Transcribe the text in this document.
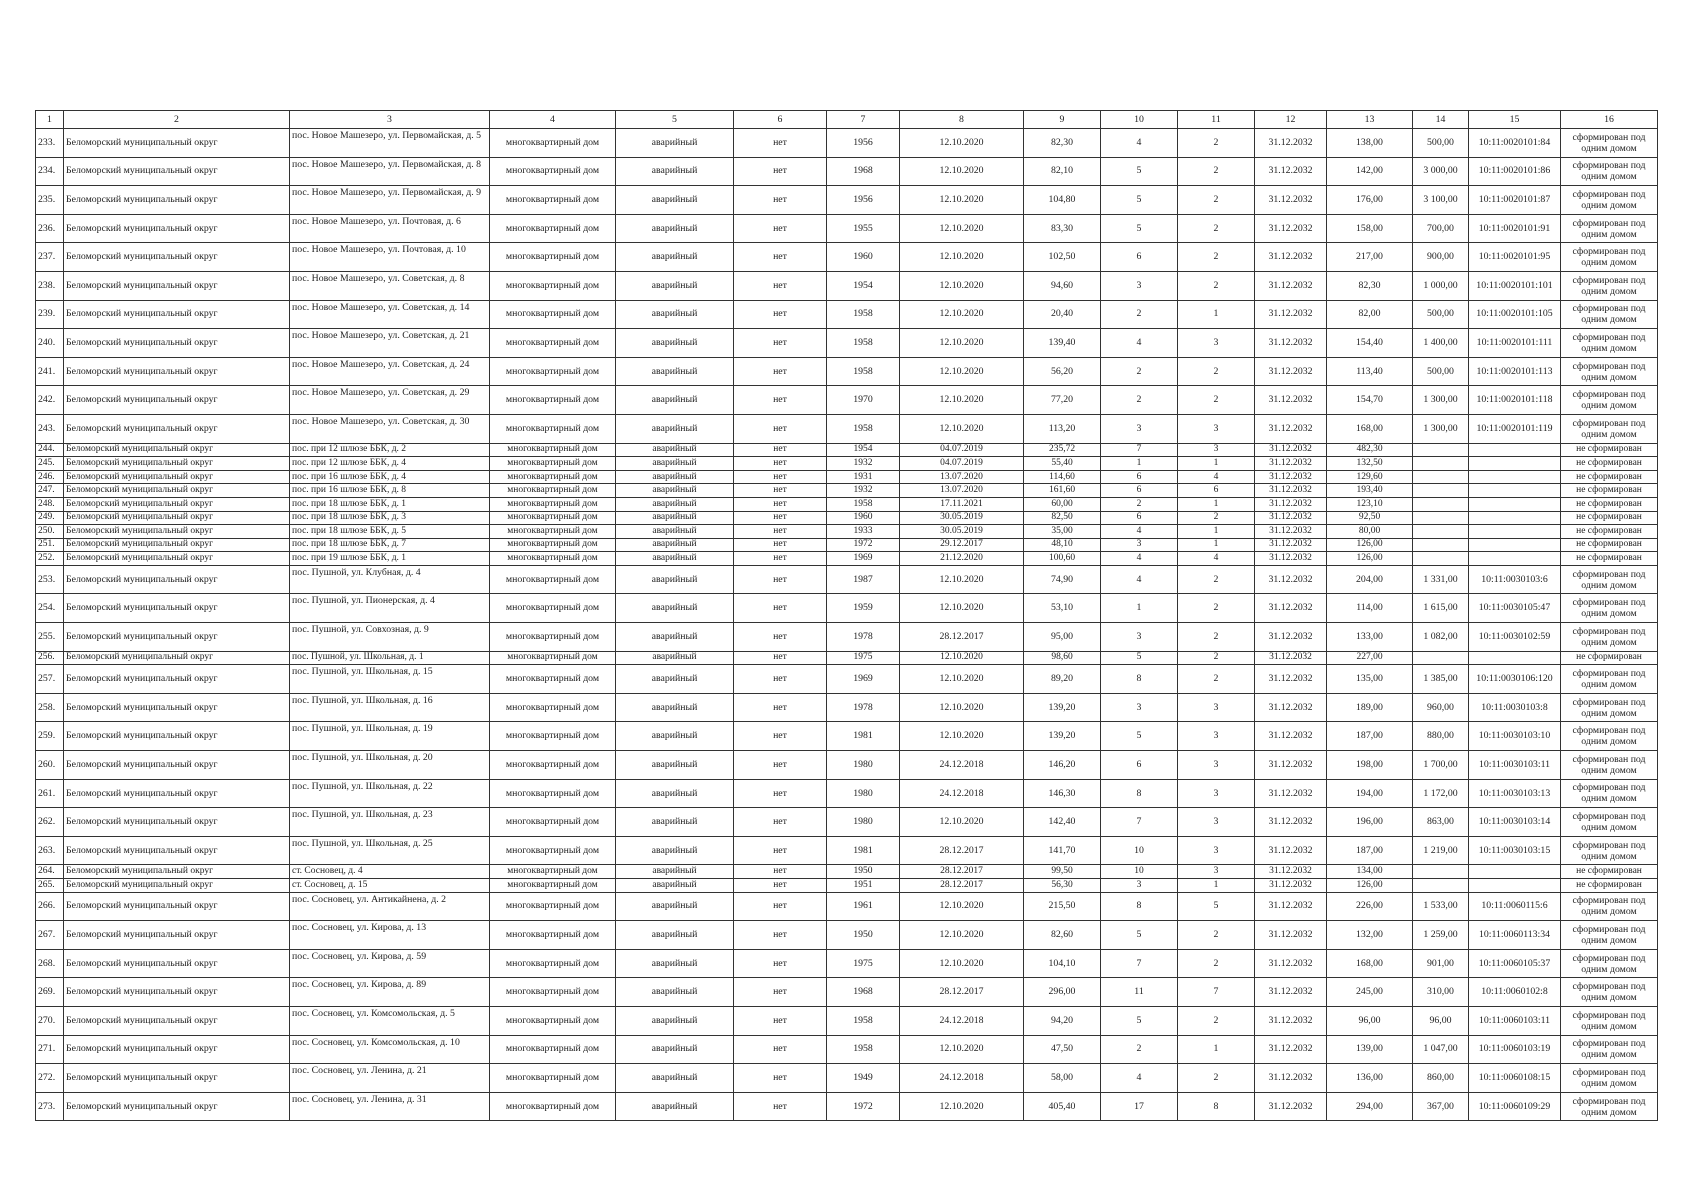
1	2	3	4	5	6	7	8	9	10	11	12	13	14	15	16
233.	Беломорский муниципальный округ	пос. Новое Машезеро, ул. Первомайская, д. 5	многоквартирный дом	аварийный	нет	1956	12.10.2020	82,30	4	2	31.12.2032	138,00	500,00	10:11:0020101:84	сформирован под одним домом
234.	Беломорский муниципальный округ	пос. Новое Машезеро, ул. Первомайская, д. 8	многоквартирный дом	аварийный	нет	1968	12.10.2020	82,10	5	2	31.12.2032	142,00	3 000,00	10:11:0020101:86	сформирован под одним домом
235.	Беломорский муниципальный округ	пос. Новое Машезеро, ул. Первомайская, д. 9	многоквартирный дом	аварийный	нет	1956	12.10.2020	104,80	5	2	31.12.2032	176,00	3 100,00	10:11:0020101:87	сформирован под одним домом
236.	Беломорский муниципальный округ	пос. Новое Машезеро, ул. Почтовая, д. 6	многоквартирный дом	аварийный	нет	1955	12.10.2020	83,30	5	2	31.12.2032	158,00	700,00	10:11:0020101:91	сформирован под одним домом
237.	Беломорский муниципальный округ	пос. Новое Машезеро, ул. Почтовая, д. 10	многоквартирный дом	аварийный	нет	1960	12.10.2020	102,50	6	2	31.12.2032	217,00	900,00	10:11:0020101:95	сформирован под одним домом
238.	Беломорский муниципальный округ	пос. Новое Машезеро, ул. Советская, д. 8	многоквартирный дом	аварийный	нет	1954	12.10.2020	94,60	3	2	31.12.2032	82,30	1 000,00	10:11:0020101:101	сформирован под одним домом
239.	Беломорский муниципальный округ	пос. Новое Машезеро, ул. Советская, д. 14	многоквартирный дом	аварийный	нет	1958	12.10.2020	20,40	2	1	31.12.2032	82,00	500,00	10:11:0020101:105	сформирован под одним домом
240.	Беломорский муниципальный округ	пос. Новое Машезеро, ул. Советская, д. 21	многоквартирный дом	аварийный	нет	1958	12.10.2020	139,40	4	3	31.12.2032	154,40	1 400,00	10:11:0020101:111	сформирован под одним домом
241.	Беломорский муниципальный округ	пос. Новое Машезеро, ул. Советская, д. 24	многоквартирный дом	аварийный	нет	1958	12.10.2020	56,20	2	2	31.12.2032	113,40	500,00	10:11:0020101:113	сформирован под одним домом
242.	Беломорский муниципальный округ	пос. Новое Машезеро, ул. Советская, д. 29	многоквартирный дом	аварийный	нет	1970	12.10.2020	77,20	2	2	31.12.2032	154,70	1 300,00	10:11:0020101:118	сформирован под одним домом
243.	Беломорский муниципальный округ	пос. Новое Машезеро, ул. Советская, д. 30	многоквартирный дом	аварийный	нет	1958	12.10.2020	113,20	3	3	31.12.2032	168,00	1 300,00	10:11:0020101:119	сформирован под одним домом
244.	Беломорский муниципальный округ	пос. при 12 шлюзе ББК, д. 2	многоквартирный дом	аварийный	нет	1954	04.07.2019	235,72	7	3	31.12.2032	482,30			не сформирован
245.	Беломорский муниципальный округ	пос. при 12 шлюзе ББК, д. 4	многоквартирный дом	аварийный	нет	1932	04.07.2019	55,40	1	1	31.12.2032	132,50			не сформирован
246.	Беломорский муниципальный округ	пос. при 16 шлюзе ББК, д. 4	многоквартирный дом	аварийный	нет	1931	13.07.2020	114,60	6	4	31.12.2032	129,60			не сформирован
247.	Беломорский муниципальный округ	пос. при 16 шлюзе ББК, д. 8	многоквартирный дом	аварийный	нет	1932	13.07.2020	161,60	6	6	31.12.2032	193,40			не сформирован
248.	Беломорский муниципальный округ	пос. при 18 шлюзе ББК, д. 1	многоквартирный дом	аварийный	нет	1958	17.11.2021	60,00	2	1	31.12.2032	123,10			не сформирован
249.	Беломорский муниципальный округ	пос. при 18 шлюзе ББК, д. 3	многоквартирный дом	аварийный	нет	1960	30.05.2019	82,50	6	2	31.12.2032	92,50			не сформирован
250.	Беломорский муниципальный округ	пос. при 18 шлюзе ББК, д. 5	многоквартирный дом	аварийный	нет	1933	30.05.2019	35,00	4	1	31.12.2032	80,00			не сформирован
251.	Беломорский муниципальный округ	пос. при 18 шлюзе ББК, д. 7	многоквартирный дом	аварийный	нет	1972	29.12.2017	48,10	3	1	31.12.2032	126,00			не сформирован
252.	Беломорский муниципальный округ	пос. при 19 шлюзе ББК, д. 1	многоквартирный дом	аварийный	нет	1969	21.12.2020	100,60	4	4	31.12.2032	126,00			не сформирован
253.	Беломорский муниципальный округ	пос. Пушной, ул. Клубная, д. 4	многоквартирный дом	аварийный	нет	1987	12.10.2020	74,90	4	2	31.12.2032	204,00	1 331,00	10:11:0030103:6	сформирован под одним домом
254.	Беломорский муниципальный округ	пос. Пушной, ул. Пионерская, д. 4	многоквартирный дом	аварийный	нет	1959	12.10.2020	53,10	1	2	31.12.2032	114,00	1 615,00	10:11:0030105:47	сформирован под одним домом
255.	Беломорский муниципальный округ	пос. Пушной, ул. Совхозная, д. 9	многоквартирный дом	аварийный	нет	1978	28.12.2017	95,00	3	2	31.12.2032	133,00	1 082,00	10:11:0030102:59	сформирован под одним домом
256.	Беломорский муниципальный округ	пос. Пушной, ул. Школьная, д. 1	многоквартирный дом	аварийный	нет	1975	12.10.2020	98,60	5	2	31.12.2032	227,00			не сформирован
257.	Беломорский муниципальный округ	пос. Пушной, ул. Школьная, д. 15	многоквартирный дом	аварийный	нет	1969	12.10.2020	89,20	8	2	31.12.2032	135,00	1 385,00	10:11:0030106:120	сформирован под одним домом
258.	Беломорский муниципальный округ	пос. Пушной, ул. Школьная, д. 16	многоквартирный дом	аварийный	нет	1978	12.10.2020	139,20	3	3	31.12.2032	189,00	960,00	10:11:0030103:8	сформирован под одним домом
259.	Беломорский муниципальный округ	пос. Пушной, ул. Школьная, д. 19	многоквартирный дом	аварийный	нет	1981	12.10.2020	139,20	5	3	31.12.2032	187,00	880,00	10:11:0030103:10	сформирован под одним домом
260.	Беломорский муниципальный округ	пос. Пушной, ул. Школьная, д. 20	многоквартирный дом	аварийный	нет	1980	24.12.2018	146,20	6	3	31.12.2032	198,00	1 700,00	10:11:0030103:11	сформирован под одним домом
261.	Беломорский муниципальный округ	пос. Пушной, ул. Школьная, д. 22	многоквартирный дом	аварийный	нет	1980	24.12.2018	146,30	8	3	31.12.2032	194,00	1 172,00	10:11:0030103:13	сформирован под одним домом
262.	Беломорский муниципальный округ	пос. Пушной, ул. Школьная, д. 23	многоквартирный дом	аварийный	нет	1980	12.10.2020	142,40	7	3	31.12.2032	196,00	863,00	10:11:0030103:14	сформирован под одним домом
263.	Беломорский муниципальный округ	пос. Пушной, ул. Школьная, д. 25	многоквартирный дом	аварийный	нет	1981	28.12.2017	141,70	10	3	31.12.2032	187,00	1 219,00	10:11:0030103:15	сформирован под одним домом
264.	Беломорский муниципальный округ	ст. Сосновец, д. 4	многоквартирный дом	аварийный	нет	1950	28.12.2017	99,50	10	3	31.12.2032	134,00			не сформирован
265.	Беломорский муниципальный округ	ст. Сосновец, д. 15	многоквартирный дом	аварийный	нет	1951	28.12.2017	56,30	3	1	31.12.2032	126,00			не сформирован
266.	Беломорский муниципальный округ	пос. Сосновец, ул. Антикайнена, д. 2	многоквартирный дом	аварийный	нет	1961	12.10.2020	215,50	8	5	31.12.2032	226,00	1 533,00	10:11:0060115:6	сформирован под одним домом
267.	Беломорский муниципальный округ	пос. Сосновец, ул. Кирова, д. 13	многоквартирный дом	аварийный	нет	1950	12.10.2020	82,60	5	2	31.12.2032	132,00	1 259,00	10:11:0060113:34	сформирован под одним домом
268.	Беломорский муниципальный округ	пос. Сосновец, ул. Кирова, д. 59	многоквартирный дом	аварийный	нет	1975	12.10.2020	104,10	7	2	31.12.2032	168,00	901,00	10:11:0060105:37	сформирован под одним домом
269.	Беломорский муниципальный округ	пос. Сосновец, ул. Кирова, д. 89	многоквартирный дом	аварийный	нет	1968	28.12.2017	296,00	11	7	31.12.2032	245,00	310,00	10:11:0060102:8	сформирован под одним домом
270.	Беломорский муниципальный округ	пос. Сосновец, ул. Комсомольская, д. 5	многоквартирный дом	аварийный	нет	1958	24.12.2018	94,20	5	2	31.12.2032	96,00	96,00	10:11:0060103:11	сформирован под одним домом
271.	Беломорский муниципальный округ	пос. Сосновец, ул. Комсомольская, д. 10	многоквартирный дом	аварийный	нет	1958	12.10.2020	47,50	2	1	31.12.2032	139,00	1 047,00	10:11:0060103:19	сформирован под одним домом
272.	Беломорский муниципальный округ	пос. Сосновец, ул. Ленина, д. 21	многоквартирный дом	аварийный	нет	1949	24.12.2018	58,00	4	2	31.12.2032	136,00	860,00	10:11:0060108:15	сформирован под одним домом
273.	Беломорский муниципальный округ	пос. Сосновец, ул. Ленина, д. 31	многоквартирный дом	аварийный	нет	1972	12.10.2020	405,40	17	8	31.12.2032	294,00	367,00	10:11:0060109:29	сформирован под одним домом
